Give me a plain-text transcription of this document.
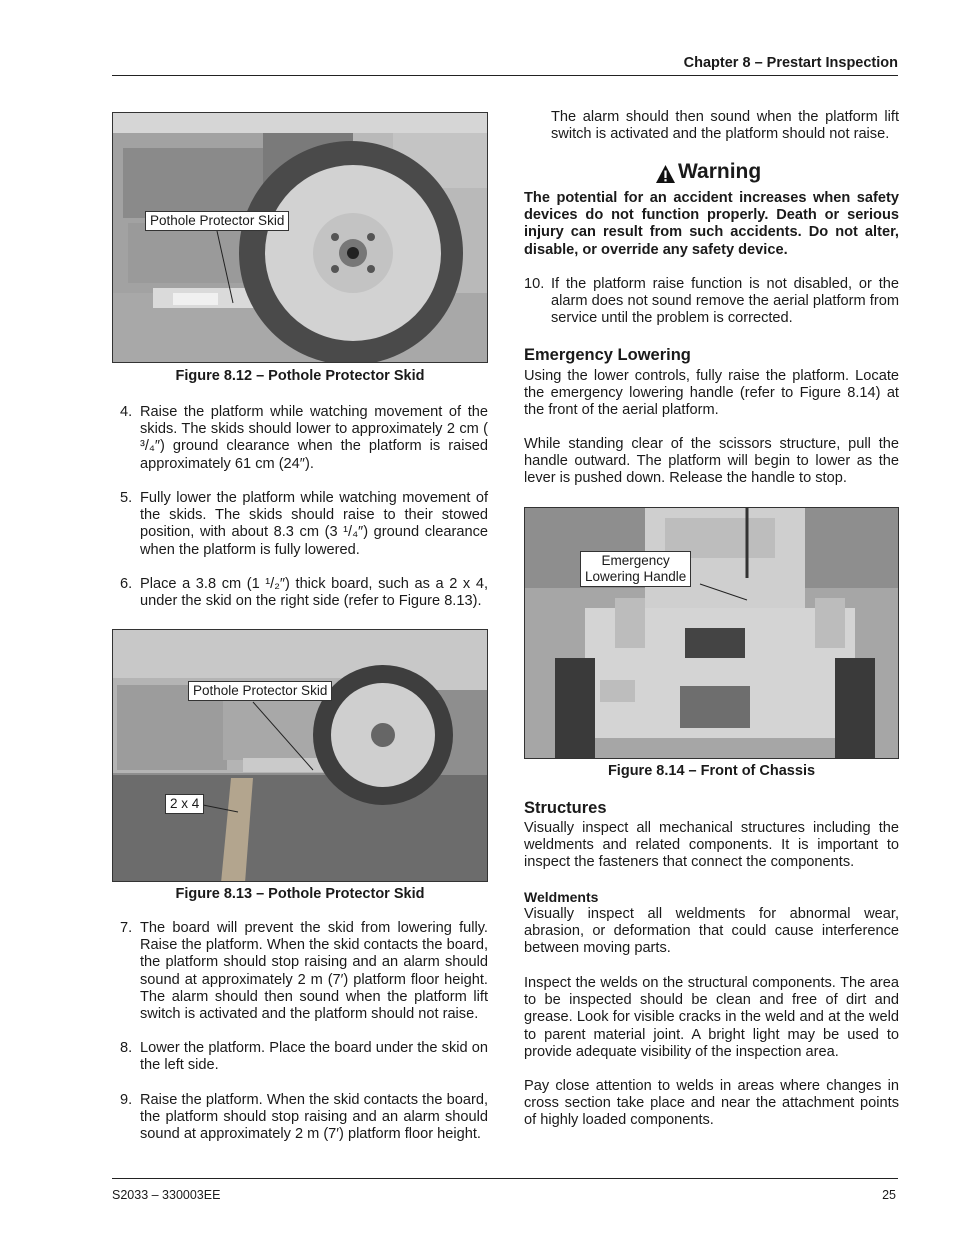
Chapter 8 – Prestart Inspection
Pothole Protector Skid
Figure 8.12 – Pothole Protector Skid
4. Raise the platform while watching movement of the skids. The skids should lower to approximately 2 cm ( ³/₄″) ground clearance when the platform is raised approximately 61 cm (24″).
5. Fully lower the platform while watching movement of the skids. The skids should raise to their stowed position, with about 8.3 cm (3 ¹/₄″) ground clearance when the platform is fully lowered.
6. Place a 3.8 cm (1 ¹/₂″) thick board, such as a 2 x 4, under the skid on the right side (refer to Figure 8.13).
Pothole Protector Skid
2 x 4
Figure 8.13 – Pothole Protector Skid
7. The board will prevent the skid from lowering fully. Raise the platform. When the skid contacts the board, the platform should stop raising and an alarm should sound at approximately 2 m (7′) platform floor height. The alarm should then sound when the platform lift switch is activated and the platform should not raise.
8. Lower the platform. Place the board under the skid on the left side.
9. Raise the platform. When the skid contacts the board, the platform should stop raising and an alarm should sound at approximately 2 m (7′) platform floor height.
The alarm should then sound when the platform lift switch is activated and the platform should not raise.
Warning
The potential for an accident increases when safety devices do not function properly. Death or serious injury can result from such accidents. Do not alter, disable, or override any safety device.
10. If the platform raise function is not disabled, or the alarm does not sound remove the aerial platform from service until the problem is corrected.
Emergency Lowering
Using the lower controls, fully raise the platform. Locate the emergency lowering handle (refer to Figure 8.14) at the front of the aerial platform.
While standing clear of the scissors structure, pull the handle outward. The platform will begin to lower as the lever is pushed down. Release the handle to stop.
Emergency
Lowering Handle
Figure 8.14 – Front of Chassis
Structures
Visually inspect all mechanical structures including the weldments and related components. It is important to inspect the fasteners that connect the components.
Weldments
Visually inspect all weldments for abnormal wear, abrasion, or deformation that could cause interference between moving parts.
Inspect the welds on the structural components. The area to be inspected should be clean and free of dirt and grease. Look for visible cracks in the weld and at the weld to parent material joint. A bright light may be used to provide adequate visibility of the inspection area.
Pay close attention to welds in areas where changes in cross section take place and near the attachment points of highly loaded components.
S2033 – 330003EE	25
